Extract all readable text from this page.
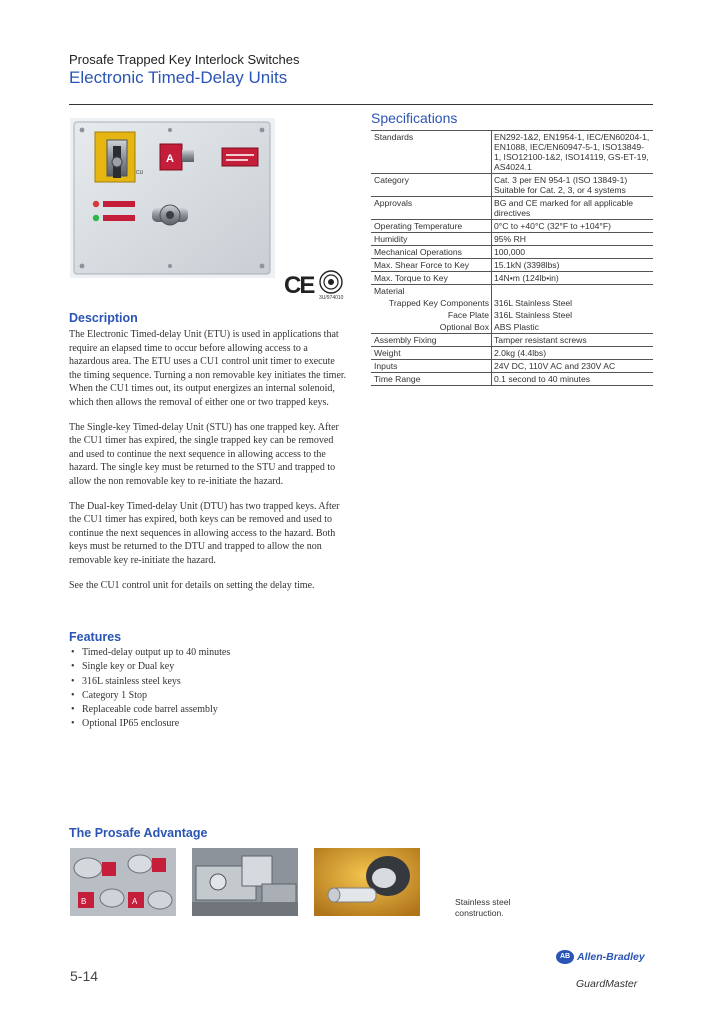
Prosafe Trapped Key Interlock Switches
Electronic Timed-Delay Units
CU
A
CE 3U/974010
Specifications
Standards	EN292-1&2, EN1954-1, IEC/EN60204-1, EN1088, IEC/EN60947-5-1, ISO13849-1, ISO12100-1&2, ISO14119, GS-ET-19, AS4024.1
Category	Cat. 3 per EN 954-1 (ISO 13849-1) Suitable for Cat. 2, 3, or 4 systems
Approvals	BG and CE marked for all applicable directives
Operating Temperature	0°C to +40°C (32°F to +104°F)
Humidity	95% RH
Mechanical Operations	100,000
Max. Shear Force to Key	15.1kN (3398lbs)
Max. Torque to Key	14N•m (124lb•in)
Material	
Trapped Key Components	316L Stainless Steel
Face Plate	316L Stainless Steel
Optional Box	ABS Plastic
Assembly Fixing	Tamper resistant screws
Weight	2.0kg (4.4lbs)
Inputs	24V DC, 110V AC and 230V AC
Time Range	0.1 second to 40 minutes
Description

The Electronic Timed-delay Unit (ETU) is used in applications that require an elapsed time to occur before allowing access to a hazardous area. The ETU uses a CU1 control unit timer to execute the timing sequence. Turning a non removable key initiates the timer. When the CU1 times out, its output energizes an internal solenoid, which then allows the removal of either one or two trapped keys.

The Single-key Timed-delay Unit (STU) has one trapped key. After the CU1 timer has expired, the single trapped key can be removed and used to continue the next sequence in allowing access to the hazard. The single key must be returned to the STU and trapped to allow the non removable key to re-initiate the hazard.

The Dual-key Timed-delay Unit (DTU) has two trapped keys. After the CU1 timer has expired, both keys can be removed and used to continue the next sequences in allowing access to the hazard. Both keys must be returned to the DTU and trapped to allow the non removable key re-initiate the hazard.

See the CU1 control unit for details on setting the delay time.

Features
• Timed-delay output up to 40 minutes
• Single key or Dual key
• 316L stainless steel keys
• Category 1 Stop
• Replaceable code barrel assembly
• Optional IP65 enclosure
The Prosafe Advantage
B	A	Stainless steel
construction.
5-14
AB Allen-Bradley
GuardMaster
